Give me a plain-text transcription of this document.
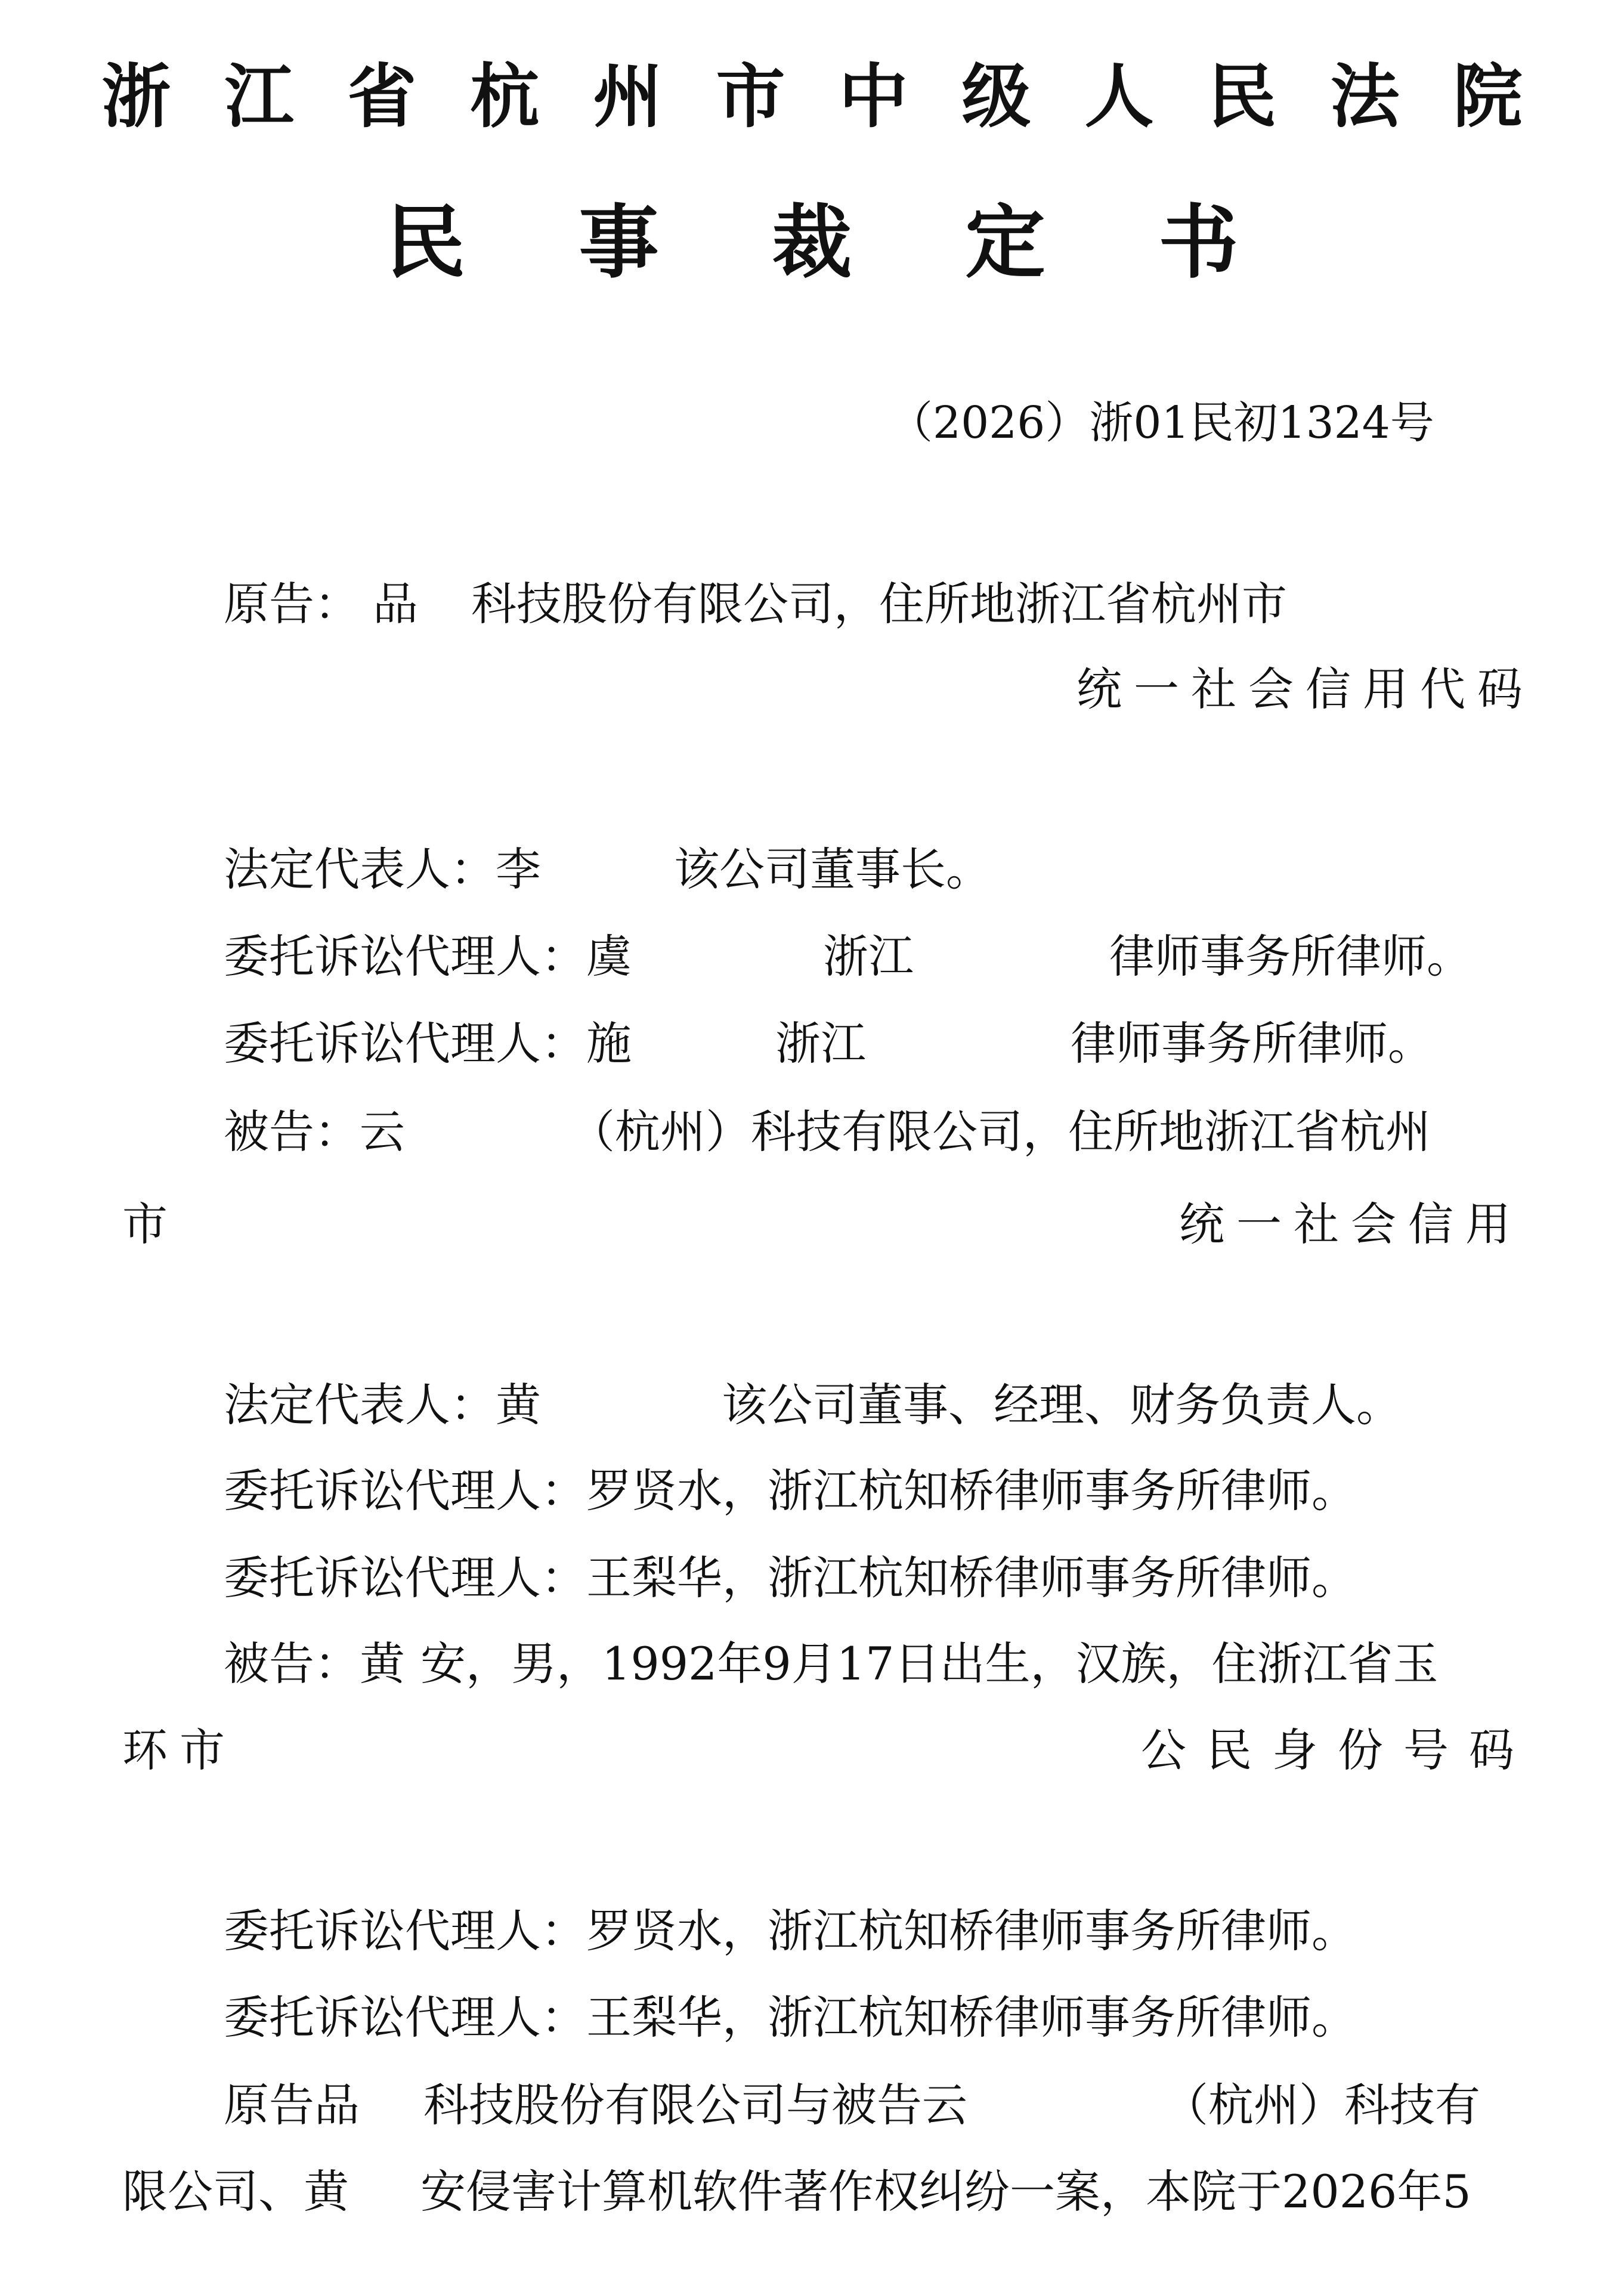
浙江省杭州市中级人民法院
民事裁定书
（2026）浙01民初1324号
原告： 品 科技股份有限公司，住所地浙江省杭州市
统一社会信用代码
法定代表人：李	该公司董事长。
委托诉讼代理人：虞	浙江	律师事务所律师。
委托诉讼代理人：施	浙江	律师事务所律师。
被告：云	（杭州）科技有限公司，住所地浙江省杭州
市	统一社会信用
法定代表人：黄	该公司董事、经理、财务负责人。
委托诉讼代理人：罗贤水，浙江杭知桥律师事务所律师。
委托诉讼代理人：王梨华，浙江杭知桥律师事务所律师。
被告：黄 安，男，1992年9月17日出生，汉族，住浙江省玉
环市	公民身份号码
委托诉讼代理人：罗贤水，浙江杭知桥律师事务所律师。
委托诉讼代理人：王梨华，浙江杭知桥律师事务所律师。
原告品 科技股份有限公司与被告云	（杭州）科技有
限公司、黄 安侵害计算机软件著作权纠纷一案，本院于2026年5
